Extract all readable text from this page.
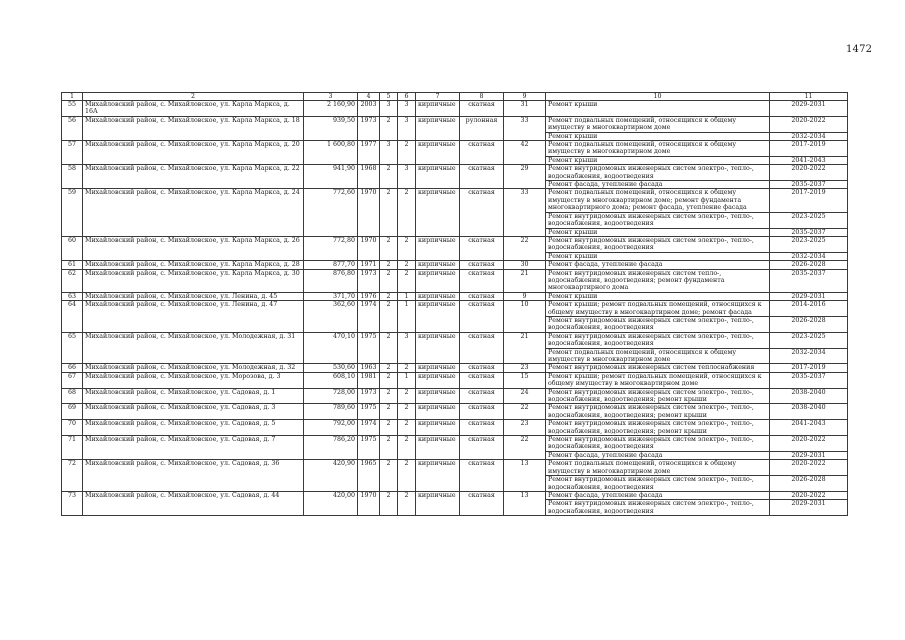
1472
1	2	3	4	5	6	7	8	9	10	11
55	Михайловский район, с. Михайловское, ул. Карла Маркса, д. 16А	2 160,90	2003	3	3	кирпичные	скатная	31	Ремонт крыши	2029-2031
56	Михайловский район, с. Михайловское, ул. Карла Маркса, д. 18	939,50	1973	2	3	кирпичные	рулонная	33	Ремонт подвальных помещений, относящихся к общему имуществу в многоквартирном доме	2020-2022
									Ремонт крыши	2032-2034
57	Михайловский район, с. Михайловское, ул. Карла Маркса, д. 20	1 600,80	1977	3	2	кирпичные	скатная	42	Ремонт подвальных помещений, относящихся к общему имуществу в многоквартирном доме	2017-2019
									Ремонт крыши	2041-2043
58	Михайловский район, с. Михайловское, ул. Карла Маркса, д. 22	941,90	1968	2	3	кирпичные	скатная	29	Ремонт внутридомовых инженерных систем электро-, тепло-, водоснабжения, водоотведения	2020-2022
									Ремонт фасада, утепление фасада	2035-2037
59	Михайловский район, с. Михайловское, ул. Карла Маркса, д. 24	772,60	1970	2	2	кирпичные	скатная	33	Ремонт подвальных помещений, относящихся к общему имуществу в многоквартирном доме; ремонт фундамента многоквартирного дома; ремонт фасада, утепление фасада	2017-2019
									Ремонт внутридомовых инженерных систем электро-, тепло-, водоснабжения, водоотведения	2023-2025
									Ремонт крыши	2035-2037
60	Михайловский район, с. Михайловское, ул. Карла Маркса, д. 26	772,80	1970	2	2	кирпичные	скатная	22	Ремонт внутридомовых инженерных систем электро-, тепло-, водоснабжения, водоотведения	2023-2025
									Ремонт крыши	2032-2034
61	Михайловский район, с. Михайловское, ул. Карла Маркса, д. 28	877,70	1971	2	2	кирпичные	скатная	30	Ремонт фасада, утепление фасада	2026-2028
62	Михайловский район, с. Михайловское, ул. Карла Маркса, д. 30	876,80	1973	2	2	кирпичные	скатная	21	Ремонт внутридомовых инженерных систем тепло-, водоснабжения, водоотведения; ремонт фундамента многоквартирного дома	2035-2037
63	Михайловский район, с. Михайловское, ул. Ленина, д. 45	371,70	1976	2	1	кирпичные	скатная	9	Ремонт крыши	2029-2031
64	Михайловский район, с. Михайловское, ул. Ленина, д. 47	362,60	1974	2	1	кирпичные	скатная	10	Ремонт крыши; ремонт подвальных помещений, относящихся к общему имуществу в многоквартирном доме; ремонт фасада	2014-2016
									Ремонт внутридомовых инженерных систем электро-, тепло-, водоснабжения, водоотведения	2026-2028
65	Михайловский район, с. Михайловское, ул. Молодежная, д. 31	470,10	1975	2	3	кирпичные	скатная	21	Ремонт внутридомовых инженерных систем электро-, тепло-, водоснабжения, водоотведения	2023-2025
									Ремонт подвальных помещений, относящихся к общему имуществу в многоквартирном доме	2032-2034
66	Михайловский район, с. Михайловское, ул. Молодежная, д. 32	530,60	1963	2	2	кирпичные	скатная	23	Ремонт внутридомовых инженерных систем теплоснабжения	2017-2019
67	Михайловский район, с. Михайловское, ул. Морозова, д. 3	608,10	1981	2	1	кирпичные	скатная	15	Ремонт крыши; ремонт подвальных помещений, относящихся к общему имуществу в многоквартирном доме	2035-2037
68	Михайловский район, с. Михайловское, ул. Садовая, д. 1	728,00	1973	2	2	кирпичные	скатная	24	Ремонт внутридомовых инженерных систем электро-, тепло-, водоснабжения, водоотведения; ремонт крыши	2038-2040
69	Михайловский район, с. Михайловское, ул. Садовая, д. 3	789,60	1975	2	2	кирпичные	скатная	22	Ремонт внутридомовых инженерных систем электро-, тепло-, водоснабжения, водоотведения; ремонт крыши	2038-2040
70	Михайловский район, с. Михайловское, ул. Садовая, д. 5	792,00	1974	2	2	кирпичные	скатная	23	Ремонт внутридомовых инженерных систем электро-, тепло-, водоснабжения, водоотведения; ремонт крыши	2041-2043
71	Михайловский район, с. Михайловское, ул. Садовая, д. 7	786,20	1975	2	2	кирпичные	скатная	22	Ремонт внутридомовых инженерных систем электро-, тепло-, водоснабжения, водоотведения	2020-2022
									Ремонт фасада, утепление фасада	2029-2031
72	Михайловский район, с. Михайловское, ул. Садовая, д. 36	420,90	1965	2	2	кирпичные	скатная	13	Ремонт подвальных помещений, относящихся к общему имуществу в многоквартирном доме	2020-2022
									Ремонт внутридомовых инженерных систем электро-, тепло-, водоснабжения, водоотведения	2026-2028
73	Михайловский район, с. Михайловское, ул. Садовая, д. 44	420,00	1970	2	2	кирпичные	скатная	13	Ремонт фасада, утепление фасада	2020-2022
									Ремонт внутридомовых инженерных систем электро-, тепло-, водоснабжения, водоотведения	2029-2031
